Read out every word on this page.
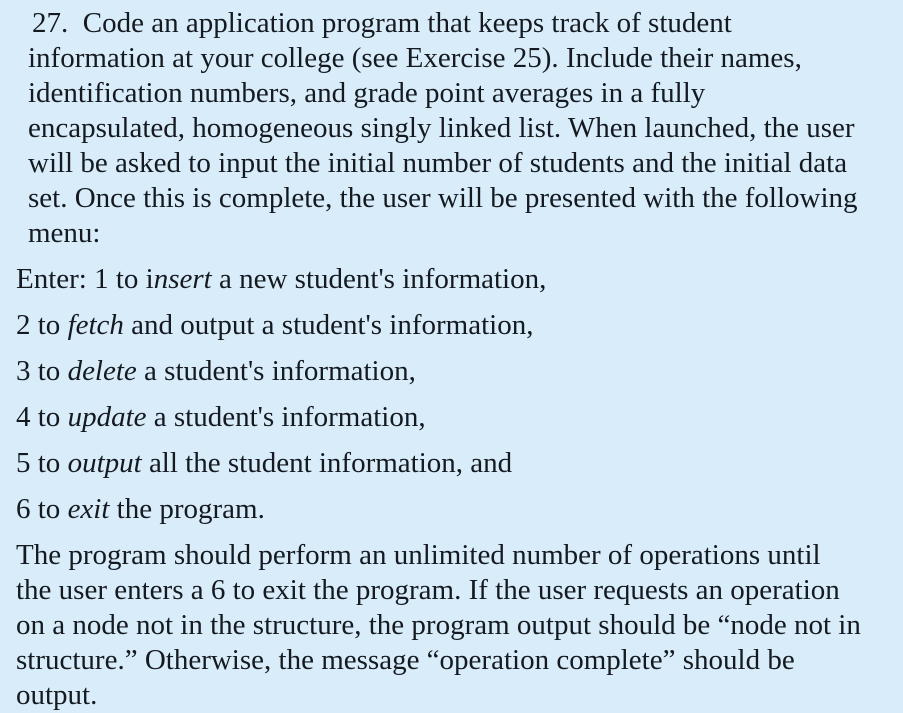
27.  Code an application program that keeps track of student
information at your college (see Exercise 25). Include their names,
identification numbers, and grade point averages in a fully
encapsulated, homogeneous singly linked list. When launched, the user
will be asked to input the initial number of students and the initial data
set. Once this is complete, the user will be presented with the following
menu:

Enter: 1 to insert a new student's information,

2 to fetch and output a student's information,

3 to delete a student's information,

4 to update a student's information,

5 to output all the student information, and

6 to exit the program.

The program should perform an unlimited number of operations until
the user enters a 6 to exit the program. If the user requests an operation
on a node not in the structure, the program output should be “node not in
structure.” Otherwise, the message “operation complete” should be
output.
